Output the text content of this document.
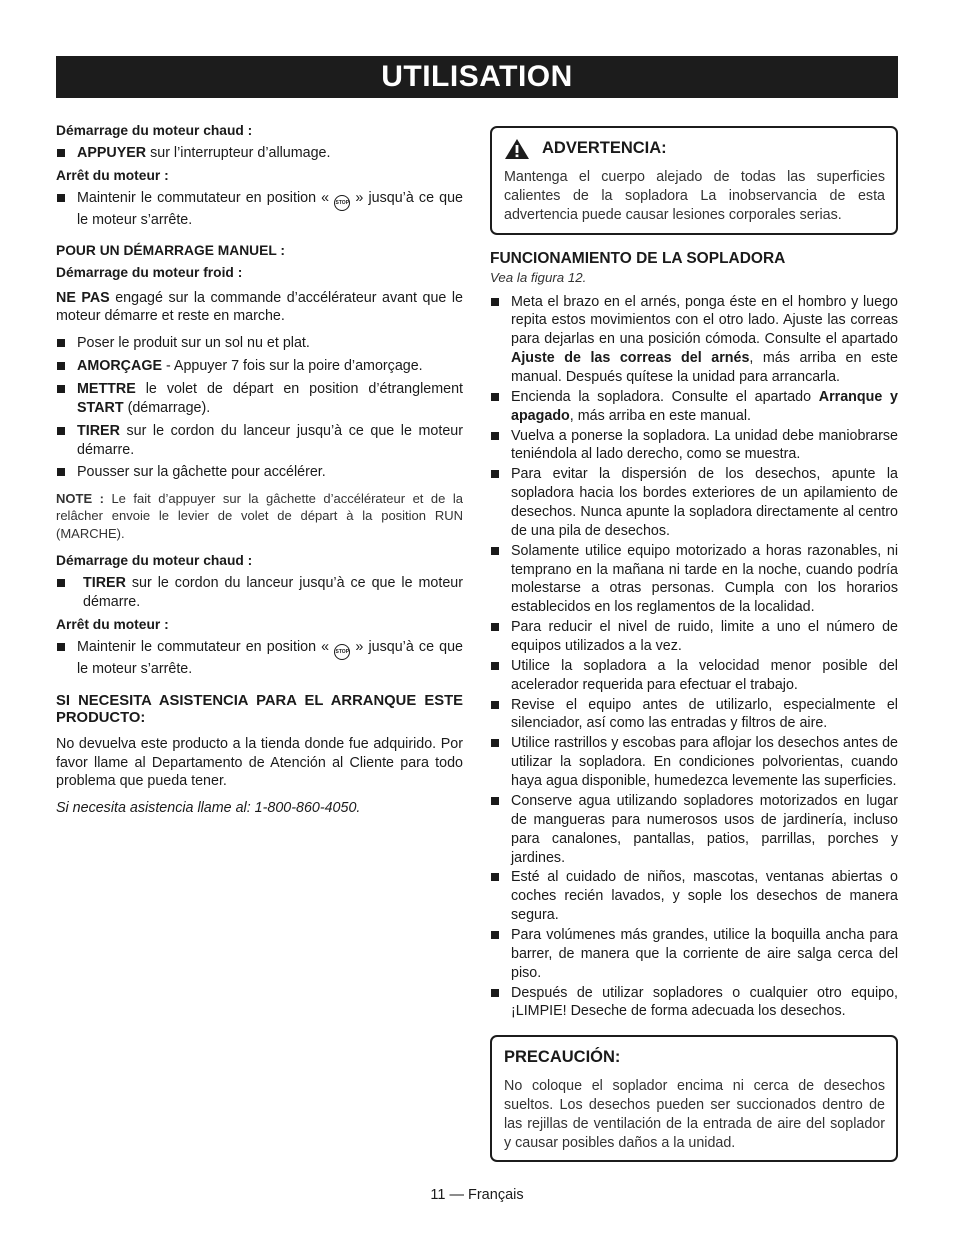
UTILISATION

Démarrage du moteur chaud :

APPUYER sur l’interrupteur d’allumage.

Arrêt du moteur :

Maintenir le commutateur en position « STOP » jusqu’à ce que le moteur s’arrête.

POUR UN DÉMARRAGE MANUEL :

Démarrage du moteur froid :

NE PAS engagé sur la commande d’accélérateur avant que le moteur démarre et reste en marche.

Poser le produit sur un sol nu et plat.
AMORÇAGE - Appuyer 7 fois sur la poire d’amorçage.
METTRE le volet de départ en position d’étranglement START (démarrage).
TIRER sur le cordon du lanceur jusqu’à ce que le moteur démarre.
Pousser sur la gâchette pour accélérer.

NOTE : Le fait d’appuyer sur la gâchette d’accélérateur et de la relâcher envoie le levier de volet de départ à la position RUN (MARCHE).

Démarrage du moteur chaud :

TIRER sur le cordon du lanceur jusqu’à ce que le moteur démarre.

Arrêt du moteur :

Maintenir le commutateur en position « STOP » jusqu’à ce que le moteur s’arrête.

SI NECESITA ASISTENCIA PARA EL ARRANQUE ESTE PRODUCTO:

No devuelva este producto a la tienda donde fue adquirido. Por favor llame al Departamento de Atención al Cliente para todo problema que pueda tener.

Si necesita asistencia llame al: 1-800-860-4050.

ADVERTENCIA:

Mantenga el cuerpo alejado de todas las superficies calientes de la sopladora La inobservancia de esta advertencia puede causar lesiones corporales serias.

FUNCIONAMIENTO DE LA SOPLADORA

Vea la figura 12.

Meta el brazo en el arnés, ponga éste en el hombro y luego repita estos movimientos con el otro lado. Ajuste las correas para dejarlas en una posición cómoda. Consulte el apartado Ajuste de las correas del arnés, más arriba en este manual. Después quítese la unidad para arrancarla.
Encienda la sopladora. Consulte el apartado Arranque y apagado, más arriba en este manual.
Vuelva a ponerse la sopladora. La unidad debe maniobrarse teniéndola al lado derecho, como se muestra.
Para evitar la dispersión de los desechos, apunte la sopladora hacia los bordes exteriores de un apilamiento de desechos. Nunca apunte la sopladora directamente al centro de una pila de desechos.
Solamente utilice equipo motorizado a horas razonables, ni temprano en la mañana ni tarde en la noche, cuando podría molestarse a otras personas. Cumpla con los horarios establecidos en los reglamentos de la localidad.
Para reducir el nivel de ruido, limite a uno el número de equipos utilizados a la vez.
Utilice la sopladora a la velocidad menor posible del acelerador requerida para efectuar el trabajo.
Revise el equipo antes de utilizarlo, especialmente el silenciador, así como las entradas y filtros de aire.
Utilice rastrillos y escobas para aflojar los desechos antes de utilizar la sopladora. En condiciones polvorientas, cuando haya agua disponible, humedezca levemente las superficies.
Conserve agua utilizando sopladores motorizados en lugar de mangueras para numerosos usos de jardinería, incluso para canalones, pantallas, patios, parrillas, porches y jardines.
Esté al cuidado de niños, mascotas, ventanas abiertas o coches recién lavados, y sople los desechos de manera segura.
Para volúmenes más grandes, utilice la boquilla ancha para barrer, de manera que la corriente de aire salga cerca del piso.
Después de utilizar sopladores o cualquier otro equipo, ¡LIMPIE! Deseche de forma adecuada los desechos.
PRECAUCIÓN:

No coloque el soplador encima ni cerca de desechos sueltos. Los desechos pueden ser succionados dentro de las rejillas de ventilación de la entrada de aire del soplador y causar posibles daños a la unidad.

11 — Français
